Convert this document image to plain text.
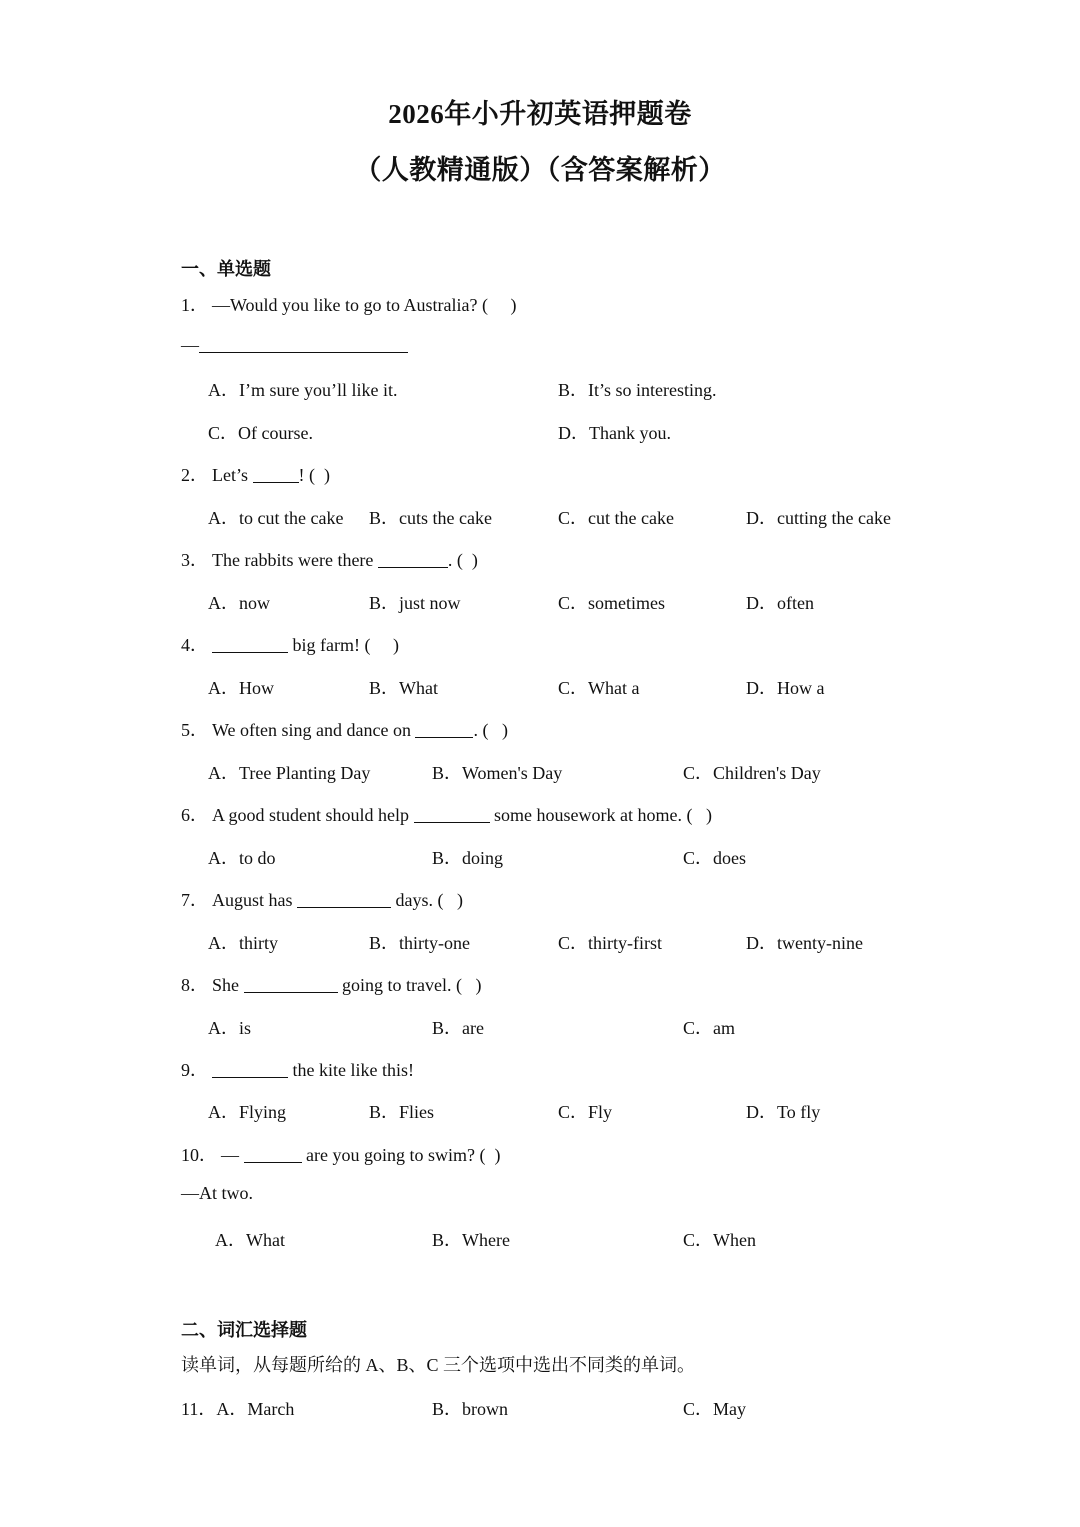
2026年小升初英语押题卷
（人教精通版）（含答案解析）
一、单选题
1． —Would you like to go to Australia? (　 )
—
A．I’m sure you’ll like it.	B．It’s so interesting.
C．Of course.	D．Thank you.
2． Let’s	! ( )
A．to cut the cake B．cuts the cake	C．cut the cake	D．cutting the cake
3． The rabbits were there	. ( )
A．now	B．just now	C．sometimes	D．often
4．	big farm! (　 )
A．How	B．What	C．What a	D．How a
5． We often sing and dance on	. (  )
A．Tree Planting Day	B．Women's Day	C．Children's Day
6． A good student should help	some housework at home. (  )
A．to do	B．doing	C．does
7． August has	days. (  )
A．thirty	B．thirty-one	C．thirty-first	D．twenty-nine
8． She	going to travel. (  )
A．is	B．are	C．am
9．	the kite like this!
A．Flying	B．Flies	C．Fly	D．To fly
10． —	are you going to swim? ( )
—At two.
A．What	B．Where	C．When
二、词汇选择题
读单词，从每题所给的 A、B、C 三个选项中选出不同类的单词。
11．A．March	B．brown	C．May
